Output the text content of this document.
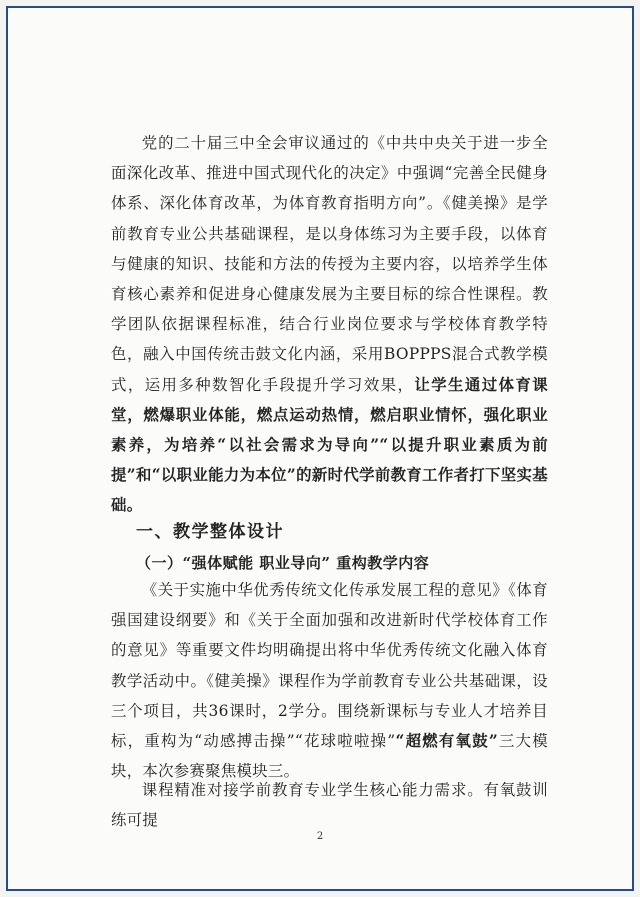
党的二十届三中全会审议通过的《中共中央关于进一步全面深化改革、推进中国式现代化的决定》中强调“完善全民健身体系、深化体育改革，为体育教育指明方向”。《健美操》是学前教育专业公共基础课程，是以身体练习为主要手段，以体育与健康的知识、技能和方法的传授为主要内容，以培养学生体育核心素养和促进身心健康发展为主要目标的综合性课程。教学团队依据课程标准，结合行业岗位要求与学校体育教学特色，融入中国传统击鼓文化内涵，采用BOPPPS混合式教学模式，运用多种数智化手段提升学习效果，让学生通过体育课堂，燃爆职业体能，燃点运动热情，燃启职业情怀，强化职业素养，为培养“以社会需求为导向”“以提升职业素质为前提”和“以职业能力为本位”的新时代学前教育工作者打下坚实基础。
一、教学整体设计
（一）“强体赋能 职业导向” 重构教学内容
《关于实施中华优秀传统文化传承发展工程的意见》《体育强国建设纲要》和《关于全面加强和改进新时代学校体育工作的意见》等重要文件均明确提出将中华优秀传统文化融入体育教学活动中。《健美操》课程作为学前教育专业公共基础课，设三个项目，共36课时，2学分。围绕新课标与专业人才培养目标，重构为“动感搏击操”“花球啦啦操”“超燃有氧鼓”三大模块，本次参赛聚焦模块三。
课程精准对接学前教育专业学生核心能力需求。有氧鼓训练可提
2
